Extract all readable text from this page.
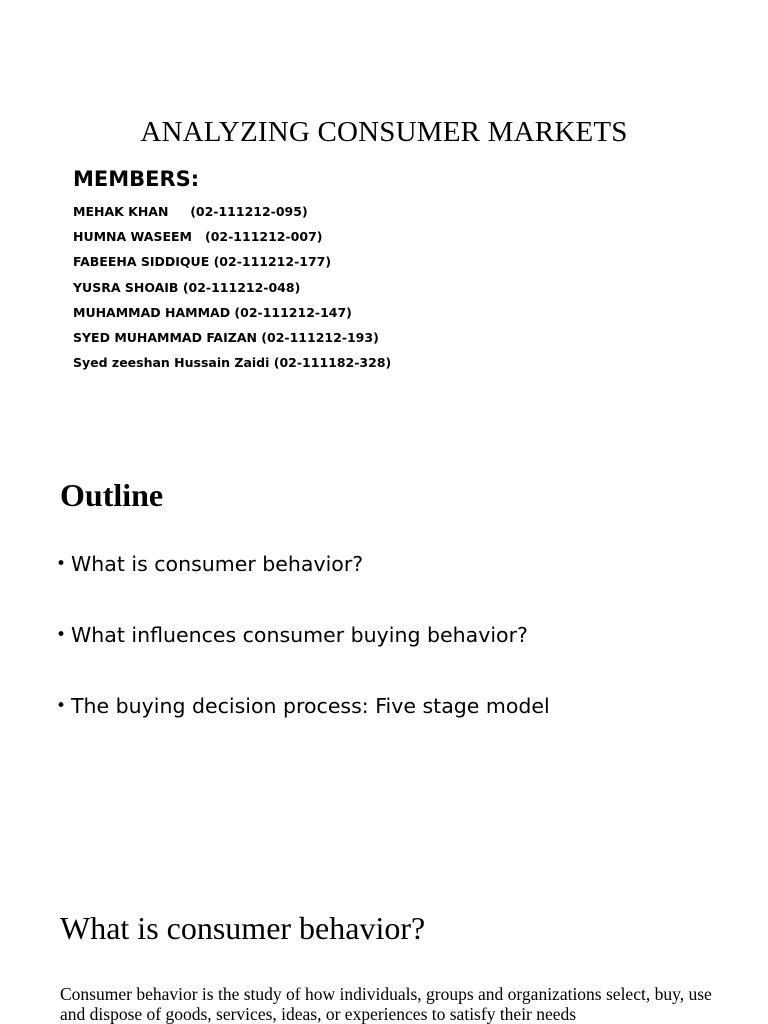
ANALYZING CONSUMER MARKETS
MEMBERS:
MEHAK KHAN     (02-111212-095)
HUMNA WASEEM   (02-111212-007)
FABEEHA SIDDIQUE (02-111212-177)
YUSRA SHOAIB (02-111212-048)
MUHAMMAD HAMMAD (02-111212-147)
SYED MUHAMMAD FAIZAN (02-111212-193)
Syed zeeshan Hussain Zaidi (02-111182-328)
Outline
• What is consumer behavior?
• What influences consumer buying behavior?
• The buying decision process: Five stage model
What is consumer behavior?
Consumer behavior is the study of how individuals, groups and organizations select, buy, use and dispose of goods, services, ideas, or experiences to satisfy their needs
